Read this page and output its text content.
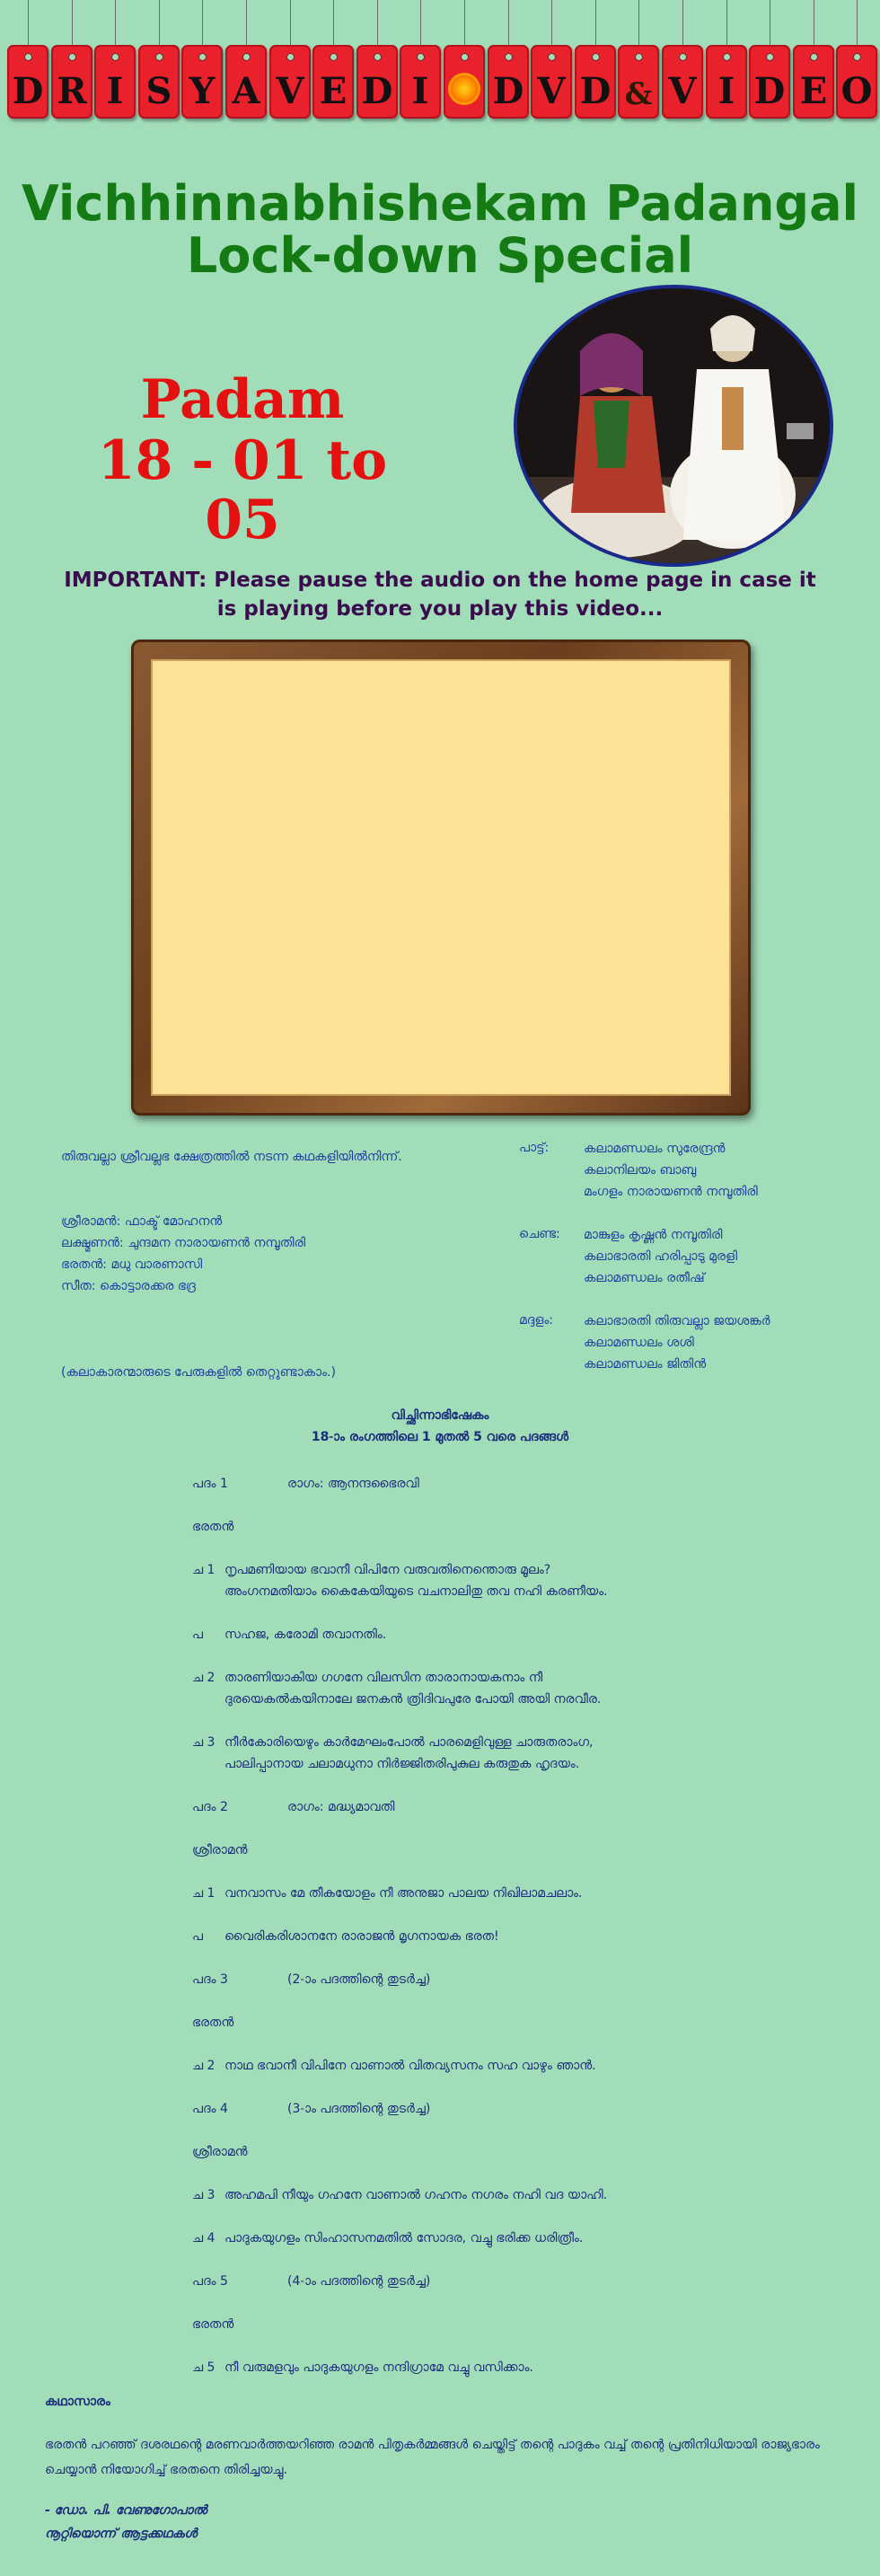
D R I S Y A V E D I D V D & V I D E O
Vichhinnabhishekam Padangal
Lock-down Special
Padam
18 - 01 to 05
IMPORTANT: Please pause the audio on the home page in case it is playing before you play this video...
തിരുവല്ലാ ശ്രീവല്ലഭ ക്ഷേത്രത്തിൽ നടന്ന കഥകളിയിൽനിന്ന്.
ശ്രീരാമൻ: ഫാക്ട് മോഹനൻ
ലക്ഷ്മണൻ: ചുന്ദമന നാരായണൻ നമ്പൂതിരി
ഭരതൻ: മധു വാരണാസി
സീത: കൊട്ടാരക്കര ഭദ്ര
(കലാകാരന്മാരുടെ പേരുകളിൽ തെറ്റുണ്ടാകാം.)
പാട്ട്:	കലാമണ്ഡലം സുരേന്ദ്രൻ
കലാനിലയം ബാബു
മംഗളം നാരായണൻ നമ്പൂതിരി
ചെണ്ട: മാങ്കുളം കൃഷ്ണൻ നമ്പൂതിരി
കലാഭാരതി ഹരിപ്പാടു മുരളി
കലാമണ്ഡലം രതീഷ്
മദ്ദളം: കലാഭാരതി തിരുവല്ലാ ജയശങ്കർ
കലാമണ്ഡലം ശശി
കലാമണ്ഡലം ജിതിൻ
വിച്ഛിന്നാഭിഷേകം
18-ാം രംഗത്തിലെ 1 മുതൽ 5 വരെ പദങ്ങൾ
പദം 1	രാഗം: ആനന്ദഭൈരവി
ഭരതൻ
ച 1 നൃപമണിയായ ഭവാനീ വിപിനേ വരുവതിനെന്തൊരു മൂലം?
അംഗനമതിയാം കൈകേയിയുടെ വചനാലിതു തവ നഹി കരണീയം.
പ സഹജ, കരോമി തവാനതിം.
ച 2 താരണിയാകിയ ഗഗനേ വിലസിന താരാനായകനാം നീ
ദുരയെകൽകയിനാലേ ജനകൻ ത്രിദിവപുരേ പോയി അയി നരവീര.
ച 3 നീർകോരിയെഴും കാർമേഘംപോൽ പാരമെളിവുള്ള ചാരുതരാംഗ,
പാലിപ്പാനായ ചലാമധുനാ നിർജ്ജിതരിപുകുല കരുതുക ഹൃദയം.
പദം 2	രാഗം: മദ്ധ്യമാവതി
ശ്രീരാമൻ
ച 1 വനവാസം മേ തീകയോളം നീ അനുജാ പാലയ നിഖിലാമചലാം.
പ വൈരികരിശാനനേ രാരാജൻ മൃഗനായക ഭരത!
പദം 3	(2-ാം പദത്തിന്റെ തുടർച്ച)
ഭരതൻ
ച 2 നാഥ ഭവാനീ വിപിനേ വാണാൽ വിതവ്യസനം സഹ വാഴും ഞാൻ.
പദം 4	(3-ാം പദത്തിന്റെ തുടർച്ച)
ശ്രീരാമൻ
ച 3 അഹമപി നീയും ഗഹനേ വാണാൽ ഗഹനം നഗരം നഹി വദ യാഹി.
ച 4 പാദുകയുഗളം സിംഹാസനമതിൽ സോദര, വച്ചു ഭരിക്ക ധരിത്രീം.
പദം 5	(4-ാം പദത്തിന്റെ തുടർച്ച)
ഭരതൻ
ച 5 നീ വരുമളവും പാദുകയുഗളം നന്ദിഗ്രാമേ വച്ചു വസിക്കാം.
കഥാസാരം
ഭരതൻ പറഞ്ഞ് ദശരഥന്റെ മരണവാർത്തയറിഞ്ഞ രാമൻ പിതൃകർമ്മങ്ങൾ ചെയ്തിട്ട് തന്റെ പാദുകം വച്ച് തന്റെ പ്രതിനിധിയായി രാജ്യഭാരം ചെയ്യാൻ നിയോഗിച്ച് ഭരതനെ തിരിച്ചയച്ചു.
- ഡോ. പി. വേണുഗോപാൽ
നൂറ്റിയൊന്ന് ആട്ടക്കഥകൾ
